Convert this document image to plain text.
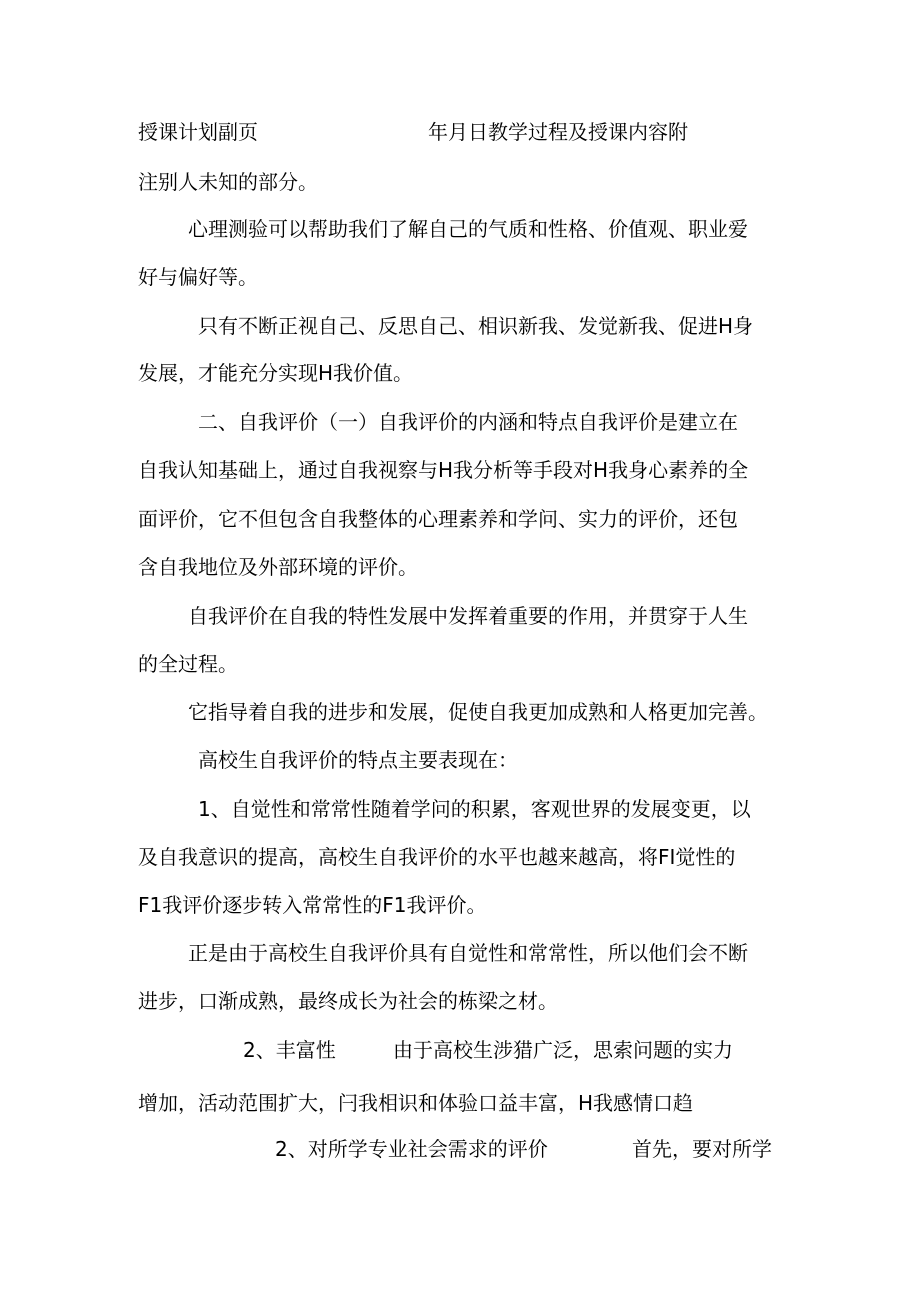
授课计划副页	年月日教学过程及授课内容附
注别人未知的部分。
心理测验可以帮助我们了解自己的气质和性格、价值观、职业爱
好与偏好等。
只有不断正视自己、反思自己、相识新我、发觉新我、促进H身
发展，才能充分实现H我价值。
二、自我评价（一）自我评价的内涵和特点自我评价是建立在
自我认知基础上，通过自我视察与H我分析等手段对H我身心素养的全
面评价，它不但包含自我整体的心理素养和学问、实力的评价，还包
含自我地位及外部环境的评价。
自我评价在自我的特性发展中发挥着重要的作用，并贯穿于人生
的全过程。
它指导着自我的进步和发展，促使自我更加成熟和人格更加完善。
高校生自我评价的特点主要表现在：
1、自觉性和常常性随着学问的积累，客观世界的发展变更，以
及自我意识的提高，高校生自我评价的水平也越来越高，将FI觉性的
F1我评价逐步转入常常性的F1我评价。
正是由于高校生自我评价具有自觉性和常常性，所以他们会不断
进步，口渐成熟，最终成长为社会的栋梁之材。
2、丰富性	由于高校生涉猎广泛，思索问题的实力
增加，活动范围扩大，闩我相识和体验口益丰富，H我感情口趋
2、对所学专业社会需求的评价	首先，要对所学
